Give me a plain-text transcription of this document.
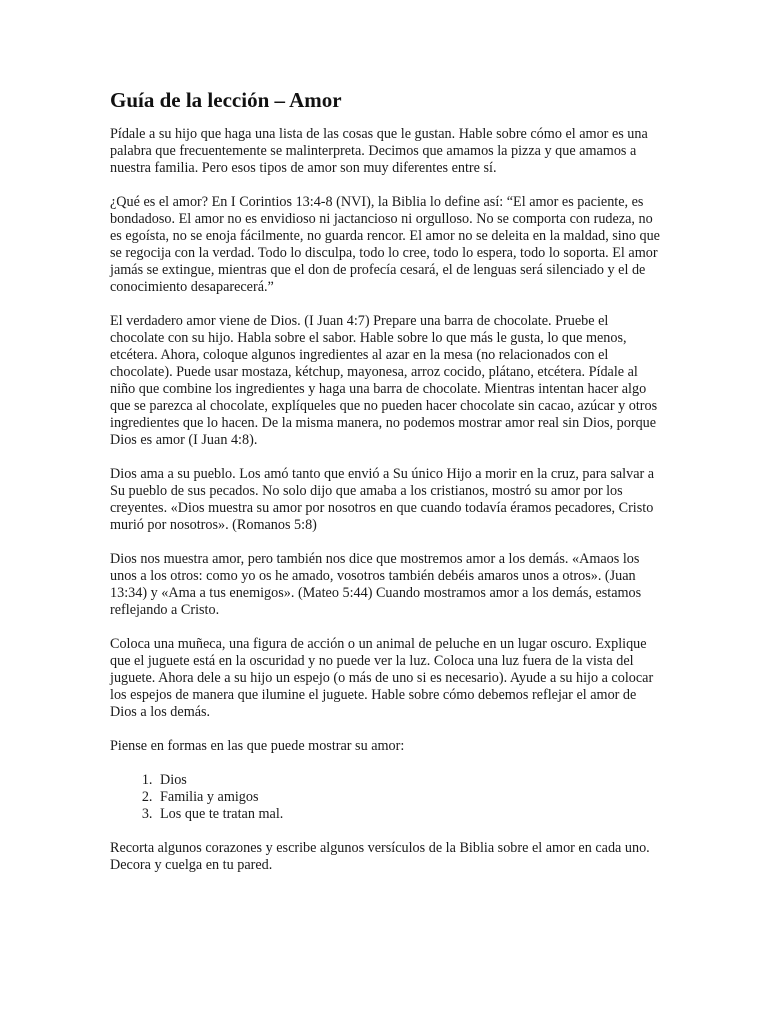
Guía de la lección – Amor

Pídale a su hijo que haga una lista de las cosas que le gustan. Hable sobre cómo el amor es una palabra que frecuentemente se malinterpreta. Decimos que amamos la pizza y que amamos a nuestra familia. Pero esos tipos de amor son muy diferentes entre sí.

¿Qué es el amor? En I Corintios 13:4-8 (NVI), la Biblia lo define así: “El amor es paciente, es bondadoso. El amor no es envidioso ni jactancioso ni orgulloso. No se comporta con rudeza, no es egoísta, no se enoja fácilmente, no guarda rencor. El amor no se deleita en la maldad, sino que se regocija con la verdad. Todo lo disculpa, todo lo cree, todo lo espera, todo lo soporta. El amor jamás se extingue, mientras que el don de profecía cesará, el de lenguas será silenciado y el de conocimiento desaparecerá.”

El verdadero amor viene de Dios. (I Juan 4:7) Prepare una barra de chocolate. Pruebe el chocolate con su hijo. Habla sobre el sabor. Hable sobre lo que más le gusta, lo que menos, etcétera. Ahora, coloque algunos ingredientes al azar en la mesa (no relacionados con el chocolate). Puede usar mostaza, kétchup, mayonesa, arroz cocido, plátano, etcétera. Pídale al niño que combine los ingredientes y haga una barra de chocolate. Mientras intentan hacer algo que se parezca al chocolate, explíqueles que no pueden hacer chocolate sin cacao, azúcar y otros ingredientes que lo hacen. De la misma manera, no podemos mostrar amor real sin Dios, porque Dios es amor (I Juan 4:8).

Dios ama a su pueblo. Los amó tanto que envió a Su único Hijo a morir en la cruz, para salvar a Su pueblo de sus pecados. No solo dijo que amaba a los cristianos, mostró su amor por los creyentes. «Dios muestra su amor por nosotros en que cuando todavía éramos pecadores, Cristo murió por nosotros». (Romanos 5:8)

Dios nos muestra amor, pero también nos dice que mostremos amor a los demás. «Amaos los unos a los otros: como yo os he amado, vosotros también debéis amaros unos a otros». (Juan 13:34) y «Ama a tus enemigos». (Mateo 5:44) Cuando mostramos amor a los demás, estamos reflejando a Cristo.

Coloca una muñeca, una figura de acción o un animal de peluche en un lugar oscuro. Explique que el juguete está en la oscuridad y no puede ver la luz. Coloca una luz fuera de la vista del juguete. Ahora dele a su hijo un espejo (o más de uno si es necesario). Ayude a su hijo a colocar los espejos de manera que ilumine el juguete. Hable sobre cómo debemos reflejar el amor de Dios a los demás.

Piense en formas en las que puede mostrar su amor:

1. Dios
2. Familia y amigos
3. Los que te tratan mal.

Recorta algunos corazones y escribe algunos versículos de la Biblia sobre el amor en cada uno. Decora y cuelga en tu pared.
